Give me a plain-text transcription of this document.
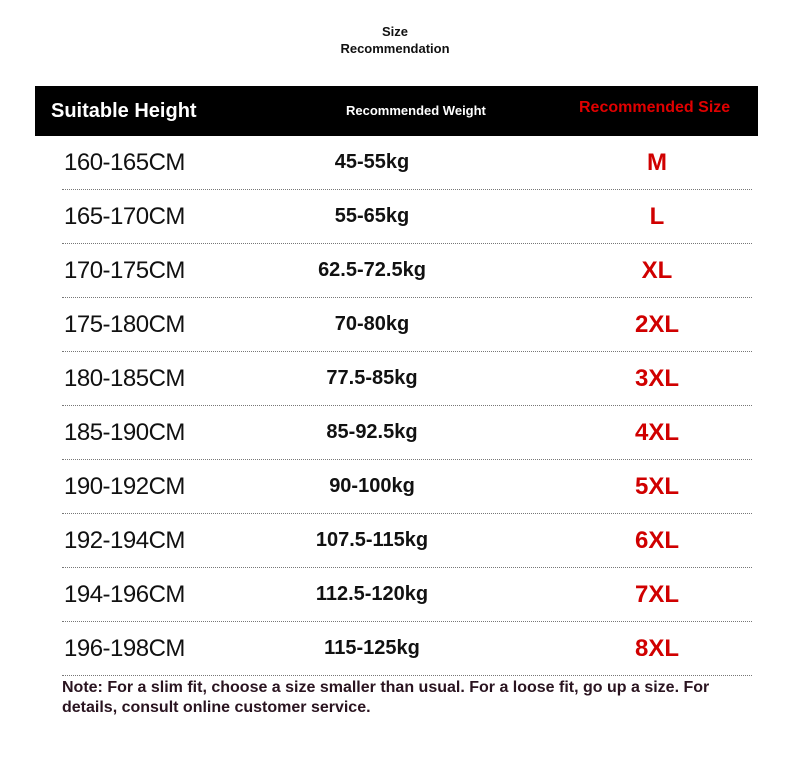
Size
Recommendation
Suitable Height	Recommended Weight	Recommended Size
160-165CM	45-55kg	M
165-170CM	55-65kg	L
170-175CM	62.5-72.5kg	XL
175-180CM	70-80kg	2XL
180-185CM	77.5-85kg	3XL
185-190CM	85-92.5kg	4XL
190-192CM	90-100kg	5XL
192-194CM	107.5-115kg	6XL
194-196CM	112.5-120kg	7XL
196-198CM	115-125kg	8XL
Note: For a slim fit, choose a size smaller than usual. For a loose fit, go up a size. For details, consult online customer service.
